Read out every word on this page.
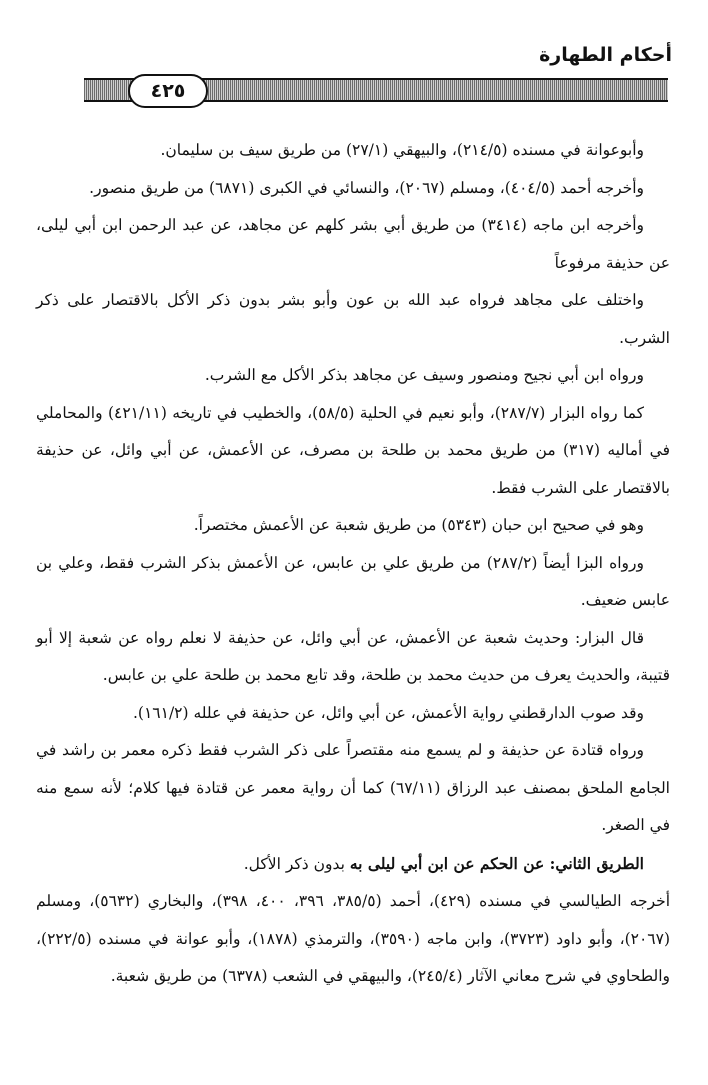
أحكام الطهارة
٤٢٥

وأبوعوانة في مسنده (٢١٤/٥)، والبيهقي (٢٧/١) من طريق سيف بن سليمان.

وأخرجه أحمد (٤٠٤/٥)، ومسلم (٢٠٦٧)، والنسائي في الكبرى (٦٨٧١) من طريق منصور.

وأخرجه ابن ماجه (٣٤١٤) من طريق أبي بشر كلهم عن مجاهد، عن عبد الرحمن ابن أبي ليلى، عن حذيفة مرفوعاً

واختلف على مجاهد فرواه عبد الله بن عون وأبو بشر بدون ذكر الأكل بالاقتصار على ذكر الشرب.

ورواه ابن أبي نجيح ومنصور وسيف عن مجاهد بذكر الأكل مع الشرب.

كما رواه البزار (٢٨٧/٧)، وأبو نعيم في الحلية (٥٨/٥)، والخطيب في تاريخه (٤٢١/١١) والمحاملي في أماليه (٣١٧) من طريق محمد بن طلحة بن مصرف، عن الأعمش، عن أبي وائل، عن حذيفة بالاقتصار على الشرب فقط.

وهو في صحيح ابن حبان (٥٣٤٣) من طريق شعبة عن الأعمش مختصراً.

ورواه البزا أيضاً (٢٨٧/٢) من طريق علي بن عابس، عن الأعمش بذكر الشرب فقط، وعلي بن عابس ضعيف.

قال البزار: وحديث شعبة عن الأعمش، عن أبي وائل، عن حذيفة لا نعلم رواه عن شعبة إلا أبو قتيبة، والحديث يعرف من حديث محمد بن طلحة، وقد تابع محمد بن طلحة علي بن عابس.

وقد صوب الدارقطني رواية الأعمش، عن أبي وائل، عن حذيفة في علله (١٦١/٢).

ورواه قتادة عن حذيفة و لم يسمع منه مقتصراً على ذكر الشرب فقط ذكره معمر بن راشد في الجامع الملحق بمصنف عبد الرزاق (٦٧/١١) كما أن رواية معمر عن قتادة فيها كلام؛ لأنه سمع منه في الصغر.

الطريق الثاني: عن الحكم عن ابن أبي ليلى به بدون ذكر الأكل.

أخرجه الطيالسي في مسنده (٤٢٩)، أحمد (٣٨٥/٥، ٣٩٦، ٤٠٠، ٣٩٨)، والبخاري (٥٦٣٢)، ومسلم (٢٠٦٧)، وأبو داود (٣٧٢٣)، وابن ماجه (٣٥٩٠)، والترمذي (١٨٧٨)، وأبو عوانة في مسنده (٢٢٢/٥)، والطحاوي في شرح معاني الآثار (٢٤٥/٤)، والبيهقي في الشعب (٦٣٧٨) من طريق شعبة.
